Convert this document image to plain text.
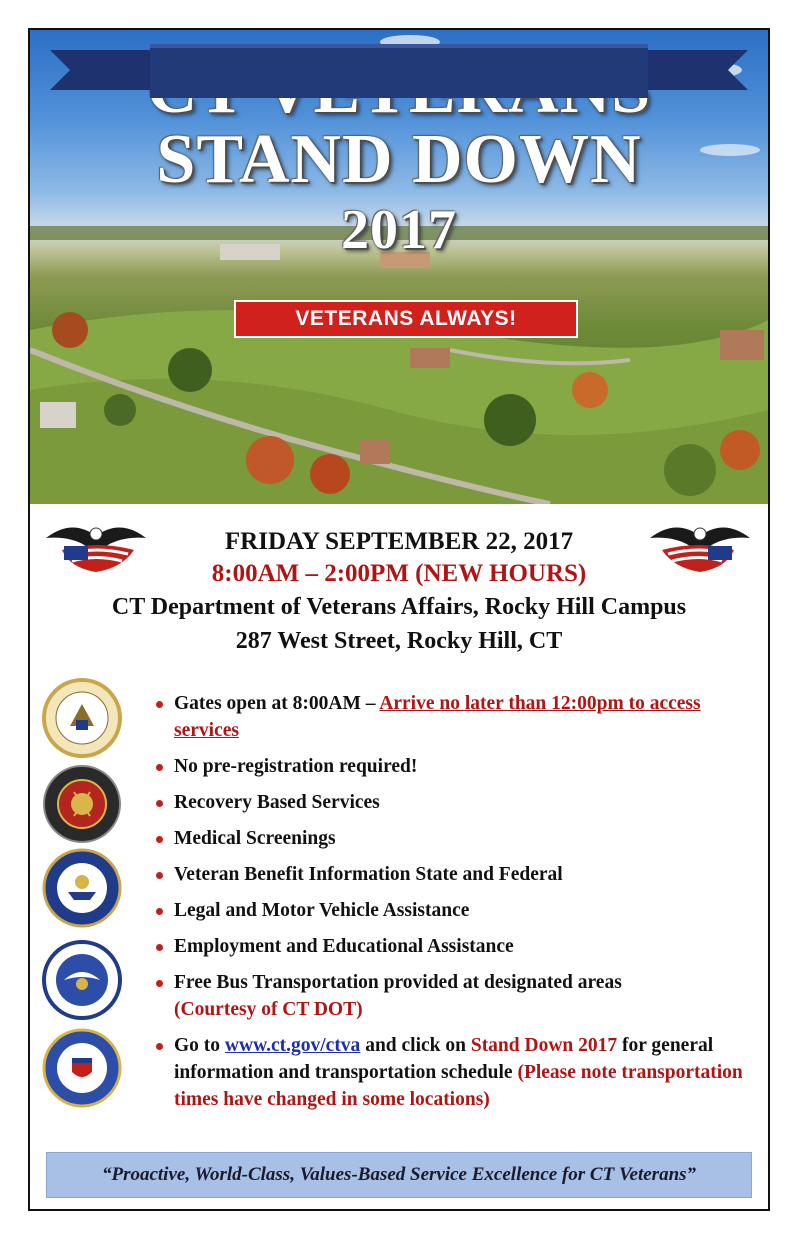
STAND DOWN
2017
VETERANS ALWAYS!
FRIDAY SEPTEMBER 22, 2017
8:00AM – 2:00PM (NEW HOURS)
CT Department of Veterans Affairs, Rocky Hill Campus
287 West Street, Rocky Hill, CT
Gates open at 8:00AM – Arrive no later than 12:00pm to access services
No pre-registration required!
Recovery Based Services
Medical Screenings
Veteran Benefit Information State and Federal
Legal and Motor Vehicle Assistance
Employment and Educational Assistance
Free Bus Transportation provided at designated areas
(Courtesy of CT DOT)
Go to www.ct.gov/ctva and click on Stand Down 2017 for general information and transportation schedule (Please note transportation times have changed in some locations)
“Proactive, World-Class, Values-Based Service Excellence for CT Veterans”
